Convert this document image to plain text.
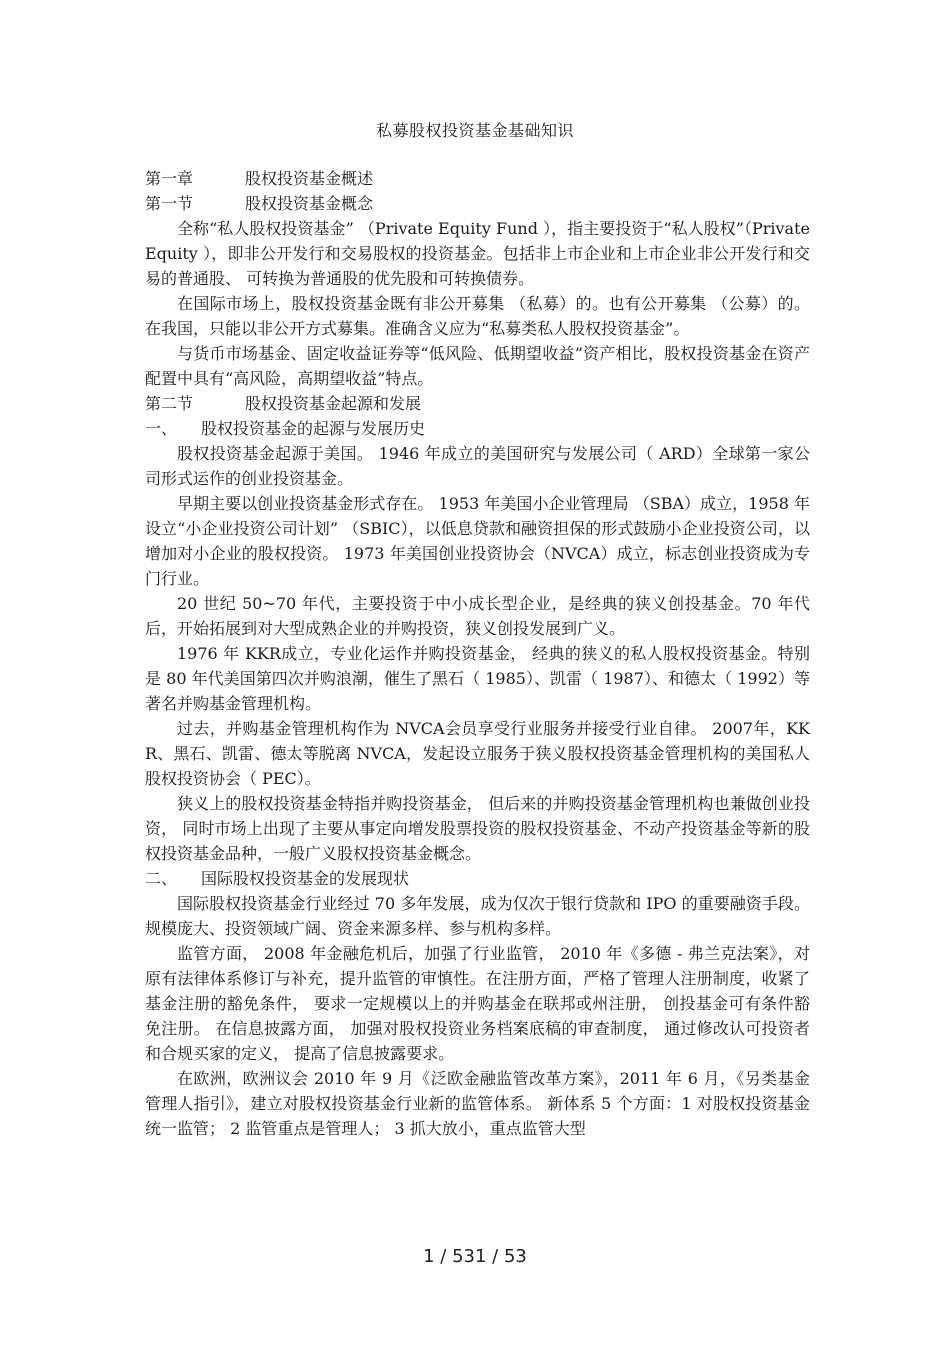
私募股权投资基金基础知识
第一章	股权投资基金概述
第一节	股权投资基金概念

全称“私人股权投资基金” （Private Equity Fund ），指主要投资于“私人股权”（Private Equity ），即非公开发行和交易股权的投资基金。包括非上市企业和上市企业非公开发行和交易的普通股、 可转换为普通股的优先股和可转换债券。

在国际市场上，股权投资基金既有非公开募集 （私募）的。也有公开募集 （公募）的。在我国，只能以非公开方式募集。准确含义应为“私募类私人股权投资基金”。

与货币市场基金、固定收益证券等“低风险、低期望收益”资产相比，股权投资基金在资产配置中具有“高风险，高期望收益”特点。

第二节	股权投资基金起源和发展
一、	股权投资基金的起源与发展历史

股权投资基金起源于美国。 1946 年成立的美国研究与发展公司（ ARD）全球第一家公司形式运作的创业投资基金。

早期主要以创业投资基金形式存在。 1953 年美国小企业管理局 （SBA）成立，1958 年设立“小企业投资公司计划” （SBIC），以低息贷款和融资担保的形式鼓励小企业投资公司，以增加对小企业的股权投资。 1973 年美国创业投资协会（NVCA）成立，标志创业投资成为专门行业。

20 世纪 50~70 年代，主要投资于中小成长型企业，是经典的狭义创投基金。70 年代后，开始拓展到对大型成熟企业的并购投资，狭义创投发展到广义。

1976 年 KKR成立，专业化运作并购投资基金， 经典的狭义的私人股权投资基金。特别是 80 年代美国第四次并购浪潮，催生了黑石（ 1985）、凯雷（ 1987）、和德太（ 1992）等著名并购基金管理机构。

过去，并购基金管理机构作为 NVCA会员享受行业服务并接受行业自律。 2007年，KKR、黑石、凯雷、德太等脱离 NVCA，发起设立服务于狭义股权投资基金管理机构的美国私人股权投资协会（ PEC）。

狭义上的股权投资基金特指并购投资基金， 但后来的并购投资基金管理机构也兼做创业投资， 同时市场上出现了主要从事定向增发股票投资的股权投资基金、不动产投资基金等新的股权投资基金品种，一般广义股权投资基金概念。

二、	国际股权投资基金的发展现状

国际股权投资基金行业经过 70 多年发展，成为仅次于银行贷款和 IPO 的重要融资手段。规模庞大、投资领域广阔、资金来源多样、参与机构多样。

监管方面， 2008 年金融危机后，加强了行业监管， 2010 年《多德 - 弗兰克法案》，对原有法律体系修订与补充，提升监管的审慎性。在注册方面，严格了管理人注册制度，收紧了基金注册的豁免条件， 要求一定规模以上的并购基金在联邦或州注册， 创投基金可有条件豁免注册。 在信息披露方面， 加强对股权投资业务档案底稿的审查制度， 通过修改认可投资者和合规买家的定义， 提高了信息披露要求。

在欧洲，欧洲议会 2010 年 9 月《泛欧金融监管改革方案》，2011 年 6 月，《另类基金管理人指引》，建立对股权投资基金行业新的监管体系。 新体系 5 个方面：1 对股权投资基金统一监管； 2 监管重点是管理人； 3 抓大放小，重点监管大型

1 / 531 / 53
